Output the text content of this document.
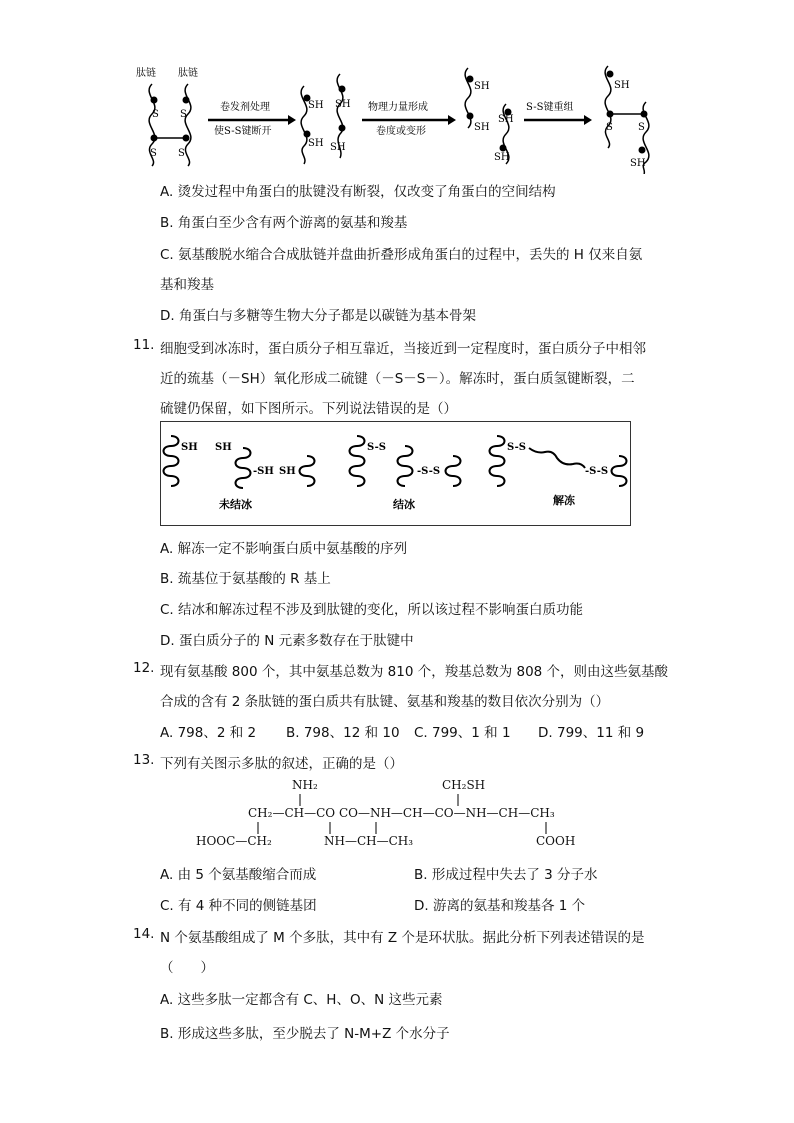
S S
S S
卷发剂处理
使S-S键断开
SH SH
SH SH
物理力量形成
卷度或变形
SH
SH
SH
SH
S-S键重组
SH
S	S
SH
肽链 肽链
A. 烫发过程中角蛋白的肽键没有断裂，仅改变了角蛋白的空间结构
B. 角蛋白至少含有两个游离的氨基和羧基
C. 氨基酸脱水缩合合成肽链并盘曲折叠形成角蛋白的过程中，丢失的 H 仅来自氨
基和羧基
D. 角蛋白与多糖等生物大分子都是以碳链为基本骨架
11. 细胞受到冰冻时，蛋白质分子相互靠近，当接近到一定程度时，蛋白质分子中相邻
近的巯基（－SH）氧化形成二硫键（－S－S－）。解冻时，蛋白质氢键断裂，二
硫键仍保留，如下图所示。下列说法错误的是（）
SH SH
-SH SH
未结冰
S-S
-S-S
结冰
S-S
-S-S
解冻
A. 解冻一定不影响蛋白质中氨基酸的序列
B. 巯基位于氨基酸的 R 基上
C. 结冰和解冻过程不涉及到肽键的变化，所以该过程不影响蛋白质功能
D. 蛋白质分子的 N 元素多数存在于肽键中
12. 现有氨基酸 800 个，其中氨基总数为 810 个，羧基总数为 808 个，则由这些氨基酸
合成的含有 2 条肽链的蛋白质共有肽键、氨基和羧基的数目依次分别为（）
A. 798、2 和 2 B. 798、12 和 10 C. 799、1 和 1 D. 799、11 和 9
13. 下列有关图示多肽的叙述，正确的是（）
NH₂	CH₂SH
CH₂—CH—CO CO—NH—CH—CO—NH—CH—CH₃
HOOC—CH₂	NH—CH—CH₃	COOH
A. 由 5 个氨基酸缩合而成	B. 形成过程中失去了 3 分子水
C. 有 4 种不同的侧链基团	D. 游离的氨基和羧基各 1 个
14. N 个氨基酸组成了 M 个多肽，其中有 Z 个是环状肽。据此分析下列表述错误的是
（　　）
A. 这些多肽一定都含有 C、H、O、N 这些元素
B. 形成这些多肽，至少脱去了 N-M+Z 个水分子
